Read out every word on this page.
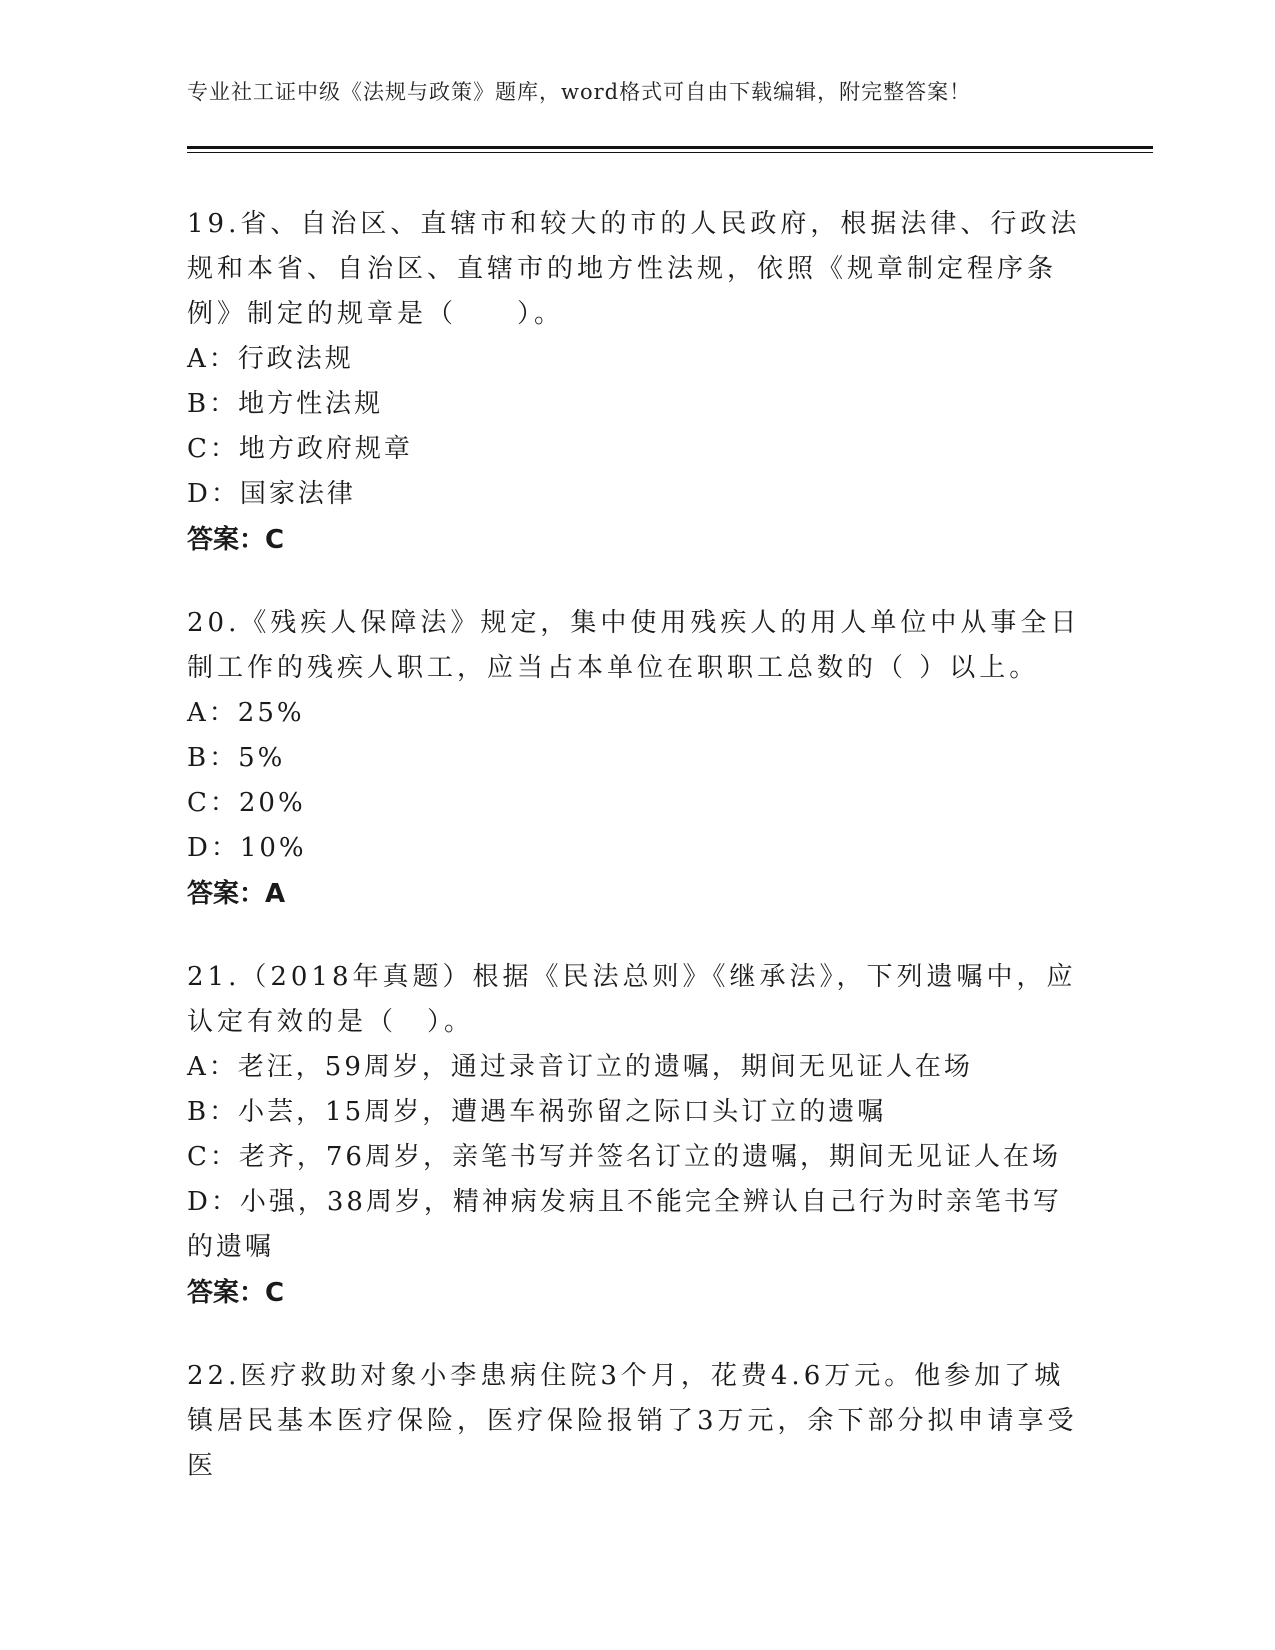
专业社工证中级《法规与政策》题库，word格式可自由下载编辑，附完整答案！

19.省、自治区、直辖市和较大的市的人民政府，根据法律、行政法规和本省、自治区、直辖市的地方性法规，依照《规章制定程序条例》制定的规章是（　　）。

A：行政法规

B：地方性法规

C：地方政府规章

D：国家法律

答案：C

20.《残疾人保障法》规定，集中使用残疾人的用人单位中从事全日制工作的残疾人职工，应当占本单位在职职工总数的（ ）以上。

A：25%

B：5%

C：20%

D：10%

答案：A

21.（2018年真题）根据《民法总则》《继承法》，下列遗嘱中，应认定有效的是（　）。

A：老汪，59周岁，通过录音订立的遗嘱，期间无见证人在场

B：小芸，15周岁，遭遇车祸弥留之际口头订立的遗嘱

C：老齐，76周岁，亲笔书写并签名订立的遗嘱，期间无见证人在场

D：小强，38周岁，精神病发病且不能完全辨认自己行为时亲笔书写的遗嘱

答案：C

22.医疗救助对象小李患病住院3个月，花费4.6万元。他参加了城镇居民基本医疗保险，医疗保险报销了3万元，余下部分拟申请享受医
